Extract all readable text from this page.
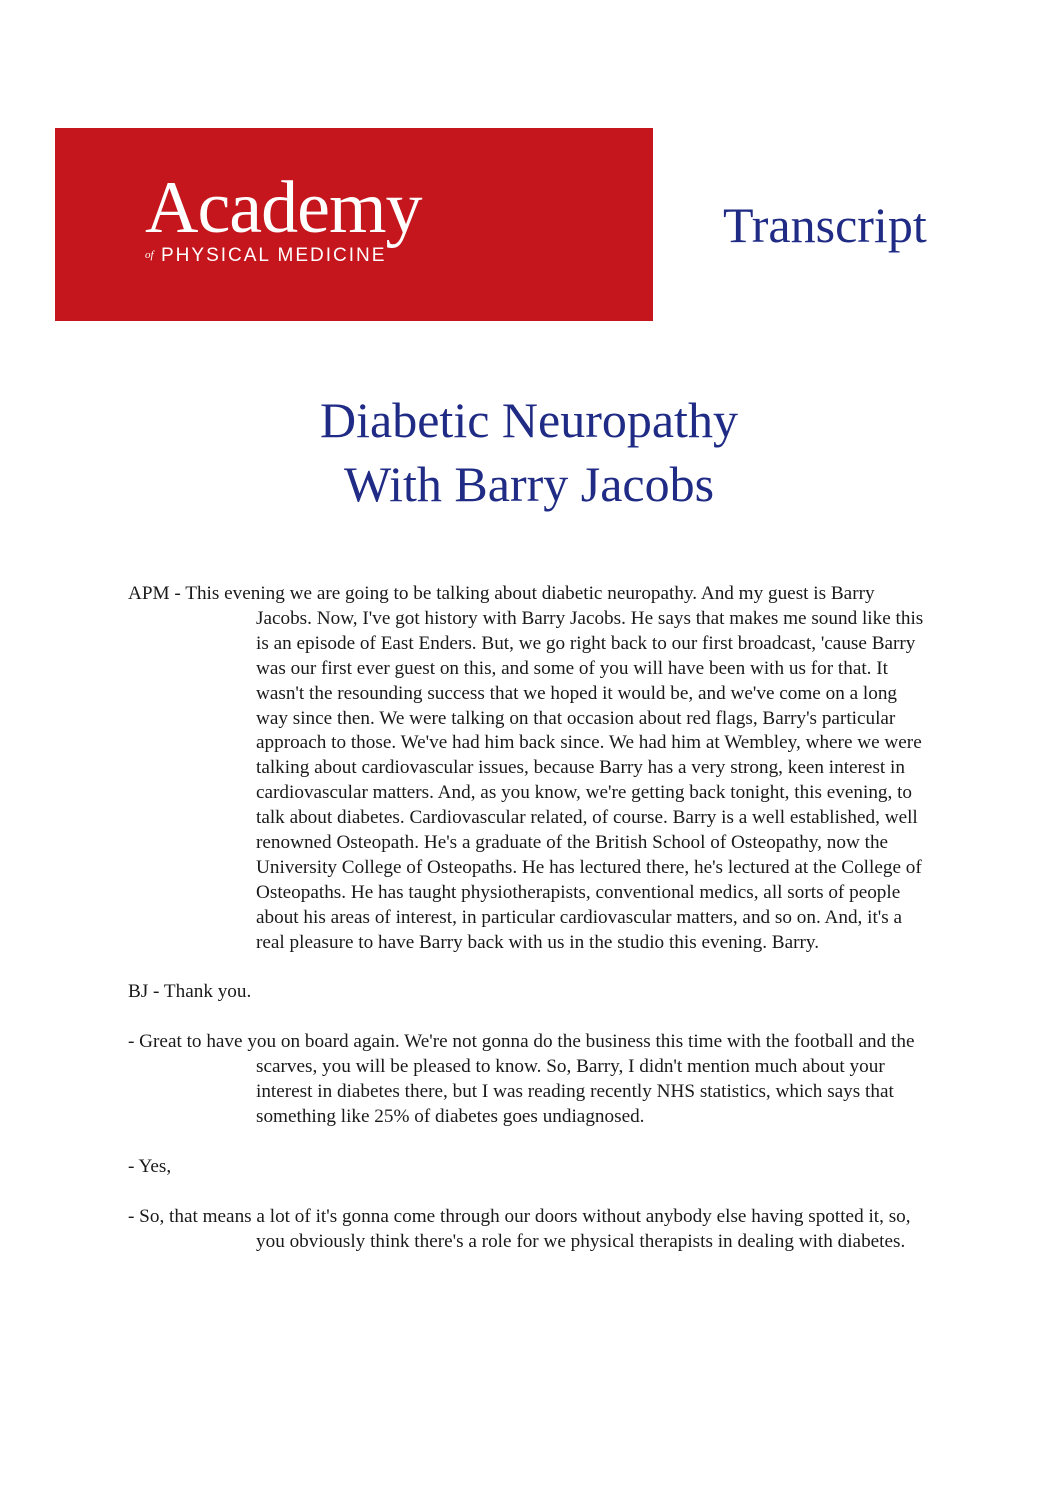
Academy
of PHYSICAL MEDICINE
Transcript
Diabetic Neuropathy
With Barry Jacobs

APM - This evening we are going to be talking about diabetic neuropathy. And my guest is Barry Jacobs. Now, I've got history with Barry Jacobs. He says that makes me sound like this is an episode of East Enders. But, we go right back to our first broadcast, 'cause Barry was our first ever guest on this, and some of you will have been with us for that. It wasn't the resounding success that we hoped it would be, and we've come on a long way since then. We were talking on that occasion about red flags, Barry's particular approach to those. We've had him back since. We had him at Wembley, where we were talking about cardiovascular issues, because Barry has a very strong, keen interest in cardiovascular matters. And, as you know, we're getting back tonight, this evening, to talk about diabetes. Cardiovascular related, of course. Barry is a well established, well renowned Osteopath. He's a graduate of the British School of Osteopathy, now the University College of Osteopaths. He has lectured there, he's lectured at the College of Osteopaths. He has taught physiotherapists, conventional medics, all sorts of people about his areas of interest, in particular cardiovascular matters, and so on. And, it's a real pleasure to have Barry back with us in the studio this evening. Barry.

BJ - Thank you.

- Great to have you on board again. We're not gonna do the business this time with the football and the scarves, you will be pleased to know. So, Barry, I didn't mention much about your interest in diabetes there, but I was reading recently NHS statistics, which says that something like 25% of diabetes goes undiagnosed.

- Yes,

- So, that means a lot of it's gonna come through our doors without anybody else having spotted it, so, you obviously think there's a role for we physical therapists in dealing with diabetes.
